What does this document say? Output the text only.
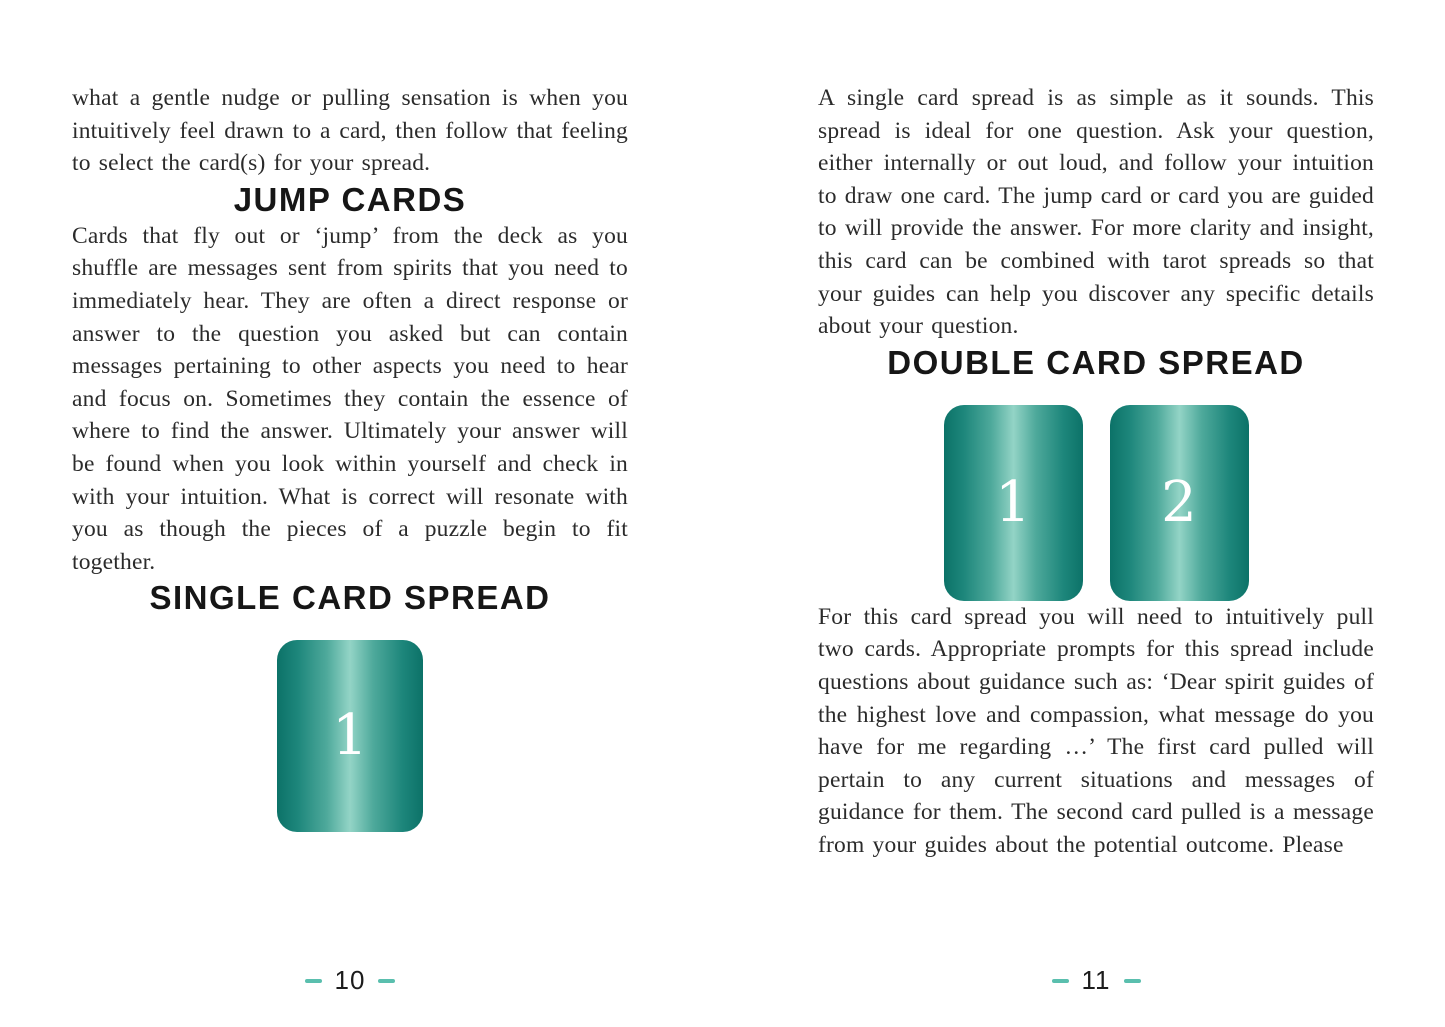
what a gentle nudge or pulling sensation is when you intuitively feel drawn to a card, then follow that feeling to select the card(s) for your spread.

JUMP CARDS

Cards that fly out or ‘jump’ from the deck as you shuffle are messages sent from spirits that you need to immediately hear. They are often a direct response or answer to the question you asked but can contain messages pertaining to other aspects you need to hear and focus on. Sometimes they contain the essence of where to find the answer. Ultimately your answer will be found when you look within yourself and check in with your intuition. What is correct will resonate with you as though the pieces of a puzzle begin to fit together.

SINGLE CARD SPREAD
1
10

A single card spread is as simple as it sounds. This spread is ideal for one question. Ask your question, either internally or out loud, and follow your intuition to draw one card. The jump card or card you are guided to will provide the answer. For more clarity and insight, this card can be combined with tarot spreads so that your guides can help you discover any specific details about your question.

DOUBLE CARD SPREAD
1 2

For this card spread you will need to intuitively pull two cards. Appropriate prompts for this spread include questions about guidance such as: ‘Dear spirit guides of the highest love and compassion, what message do you have for me regarding …’ The first card pulled will pertain to any current situations and messages of guidance for them. The second card pulled is a message from your guides about the potential outcome. Please

11
